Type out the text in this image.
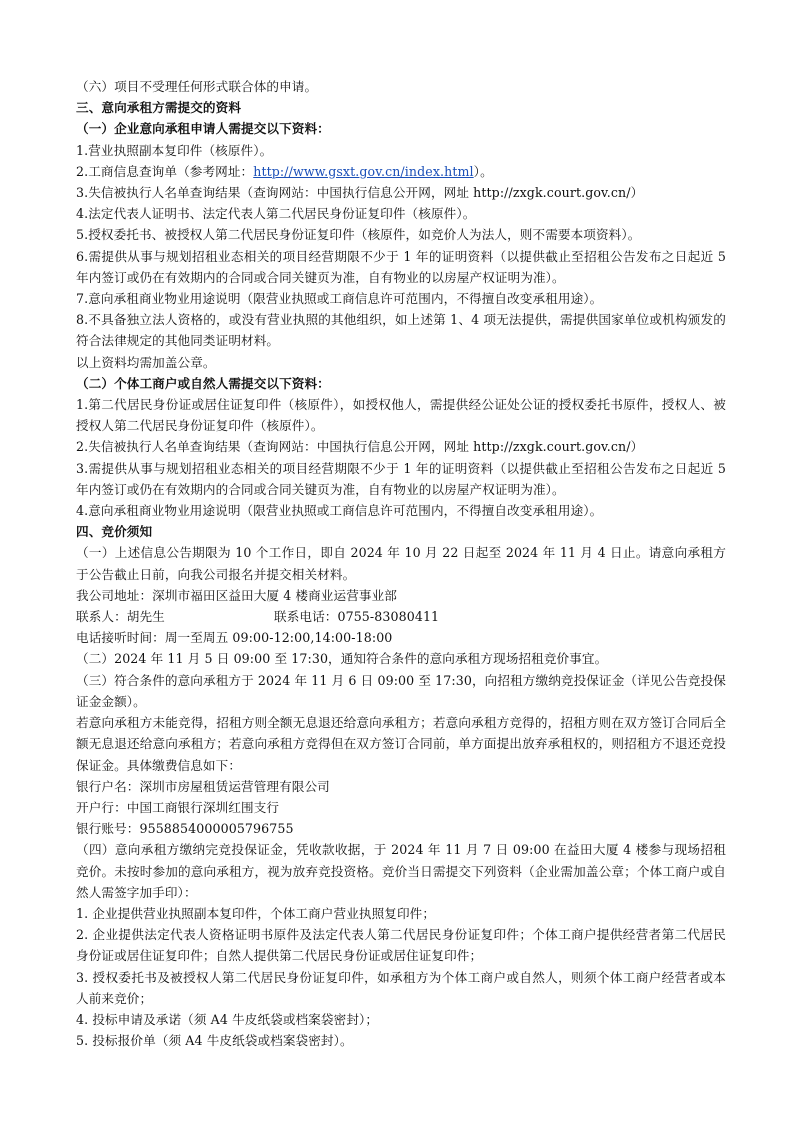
（六）项目不受理任何形式联合体的申请。
三、意向承租方需提交的资料
（一）企业意向承租申请人需提交以下资料：
1.营业执照副本复印件（核原件）。
2.工商信息查询单（参考网址：http://www.gsxt.gov.cn/index.html）。
3.失信被执行人名单查询结果（查询网站：中国执行信息公开网，网址 http://zxgk.court.gov.cn/）
4.法定代表人证明书、法定代表人第二代居民身份证复印件（核原件）。
5.授权委托书、被授权人第二代居民身份证复印件（核原件，如竞价人为法人，则不需要本项资料）。
6.需提供从事与规划招租业态相关的项目经营期限不少于 1 年的证明资料（以提供截止至招租公告发布之日起近 5 年内签订或仍在有效期内的合同或合同关键页为准，自有物业的以房屋产权证明为准）。
7.意向承租商业物业用途说明（限营业执照或工商信息许可范围内，不得擅自改变承租用途）。
8.不具备独立法人资格的，或没有营业执照的其他组织，如上述第 1、4 项无法提供，需提供国家单位或机构颁发的符合法律规定的其他同类证明材料。
以上资料均需加盖公章。
（二）个体工商户或自然人需提交以下资料：
1.第二代居民身份证或居住证复印件（核原件），如授权他人，需提供经公证处公证的授权委托书原件，授权人、被授权人第二代居民身份证复印件（核原件）。
2.失信被执行人名单查询结果（查询网站：中国执行信息公开网，网址 http://zxgk.court.gov.cn/）
3.需提供从事与规划招租业态相关的项目经营期限不少于 1 年的证明资料（以提供截止至招租公告发布之日起近 5 年内签订或仍在有效期内的合同或合同关键页为准，自有物业的以房屋产权证明为准）。
4.意向承租商业物业用途说明（限营业执照或工商信息许可范围内，不得擅自改变承租用途）。
四、竞价须知
（一）上述信息公告期限为 10 个工作日，即自 2024 年 10 月 22 日起至 2024 年 11 月 4 日止。请意向承租方于公告截止日前，向我公司报名并提交相关材料。
我公司地址：深圳市福田区益田大厦 4 楼商业运营事业部
联系人：胡先生	联系电话：0755-83080411
电话接听时间：周一至周五 09:00-12:00,14:00-18:00
（二）2024 年 11 月 5 日 09:00 至 17:30，通知符合条件的意向承租方现场招租竞价事宜。
（三）符合条件的意向承租方于 2024 年 11 月 6 日 09:00 至 17:30，向招租方缴纳竞投保证金（详见公告竞投保证金金额）。
若意向承租方未能竞得，招租方则全额无息退还给意向承租方；若意向承租方竞得的，招租方则在双方签订合同后全额无息退还给意向承租方；若意向承租方竞得但在双方签订合同前，单方面提出放弃承租权的，则招租方不退还竞投保证金。具体缴费信息如下：
银行户名：深圳市房屋租赁运营管理有限公司
开户行：中国工商银行深圳红围支行
银行账号：9558854000005796755
（四）意向承租方缴纳完竞投保证金，凭收款收据，于 2024 年 11 月 7 日 09:00 在益田大厦 4 楼参与现场招租竞价。未按时参加的意向承租方，视为放弃竞投资格。竞价当日需提交下列资料（企业需加盖公章；个体工商户或自然人需签字加手印）：
1. 企业提供营业执照副本复印件，个体工商户营业执照复印件；
2. 企业提供法定代表人资格证明书原件及法定代表人第二代居民身份证复印件；个体工商户提供经营者第二代居民身份证或居住证复印件；自然人提供第二代居民身份证或居住证复印件；
3. 授权委托书及被授权人第二代居民身份证复印件，如承租方为个体工商户或自然人，则须个体工商户经营者或本人前来竞价；
4. 投标申请及承诺（须 A4 牛皮纸袋或档案袋密封）；
5. 投标报价单（须 A4 牛皮纸袋或档案袋密封）。
